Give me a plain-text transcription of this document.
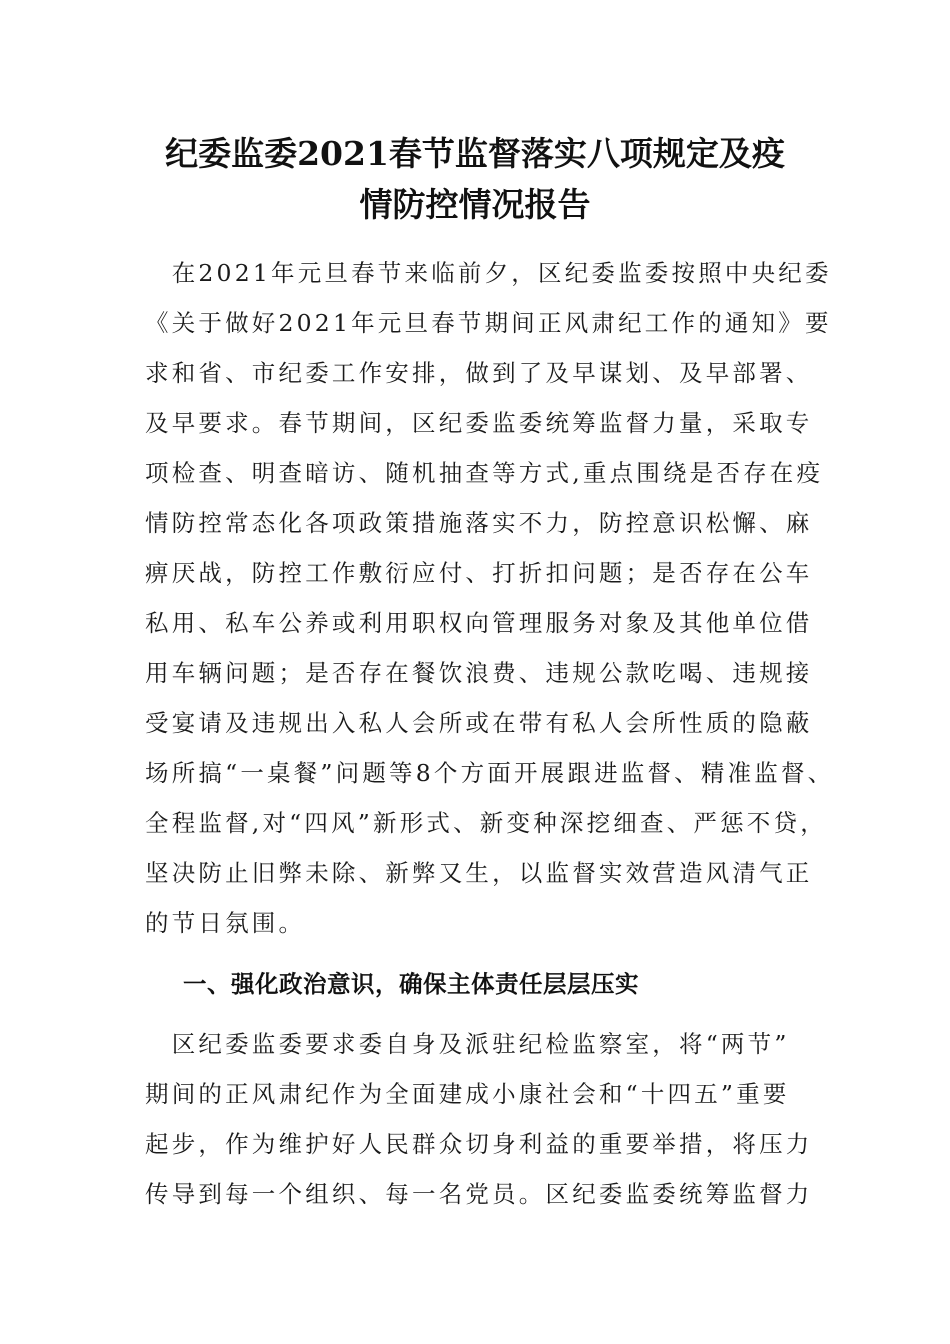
纪委监委2021春节监督落实八项规定及疫
情防控情况报告
　在2021年元旦春节来临前夕，区纪委监委按照中央纪委
《关于做好2021年元旦春节期间正风肃纪工作的通知》要
求和省、市纪委工作安排，做到了及早谋划、及早部署、
及早要求。春节期间，区纪委监委统筹监督力量，采取专
项检查、明查暗访、随机抽查等方式,重点围绕是否存在疫
情防控常态化各项政策措施落实不力，防控意识松懈、麻
痹厌战，防控工作敷衍应付、打折扣问题；是否存在公车
私用、私车公养或利用职权向管理服务对象及其他单位借
用车辆问题；是否存在餐饮浪费、违规公款吃喝、违规接
受宴请及违规出入私人会所或在带有私人会所性质的隐蔽
场所搞“一桌餐”问题等8个方面开展跟进监督、精准监督、
全程监督,对“四风”新形式、新变种深挖细查、严惩不贷，
坚决防止旧弊未除、新弊又生，以监督实效营造风清气正
的节日氛围。
一、强化政治意识，确保主体责任层层压实
　区纪委监委要求委自身及派驻纪检监察室，将“两节”
期间的正风肃纪作为全面建成小康社会和“十四五”重要
起步，作为维护好人民群众切身利益的重要举措，将压力
传导到每一个组织、每一名党员。区纪委监委统筹监督力
